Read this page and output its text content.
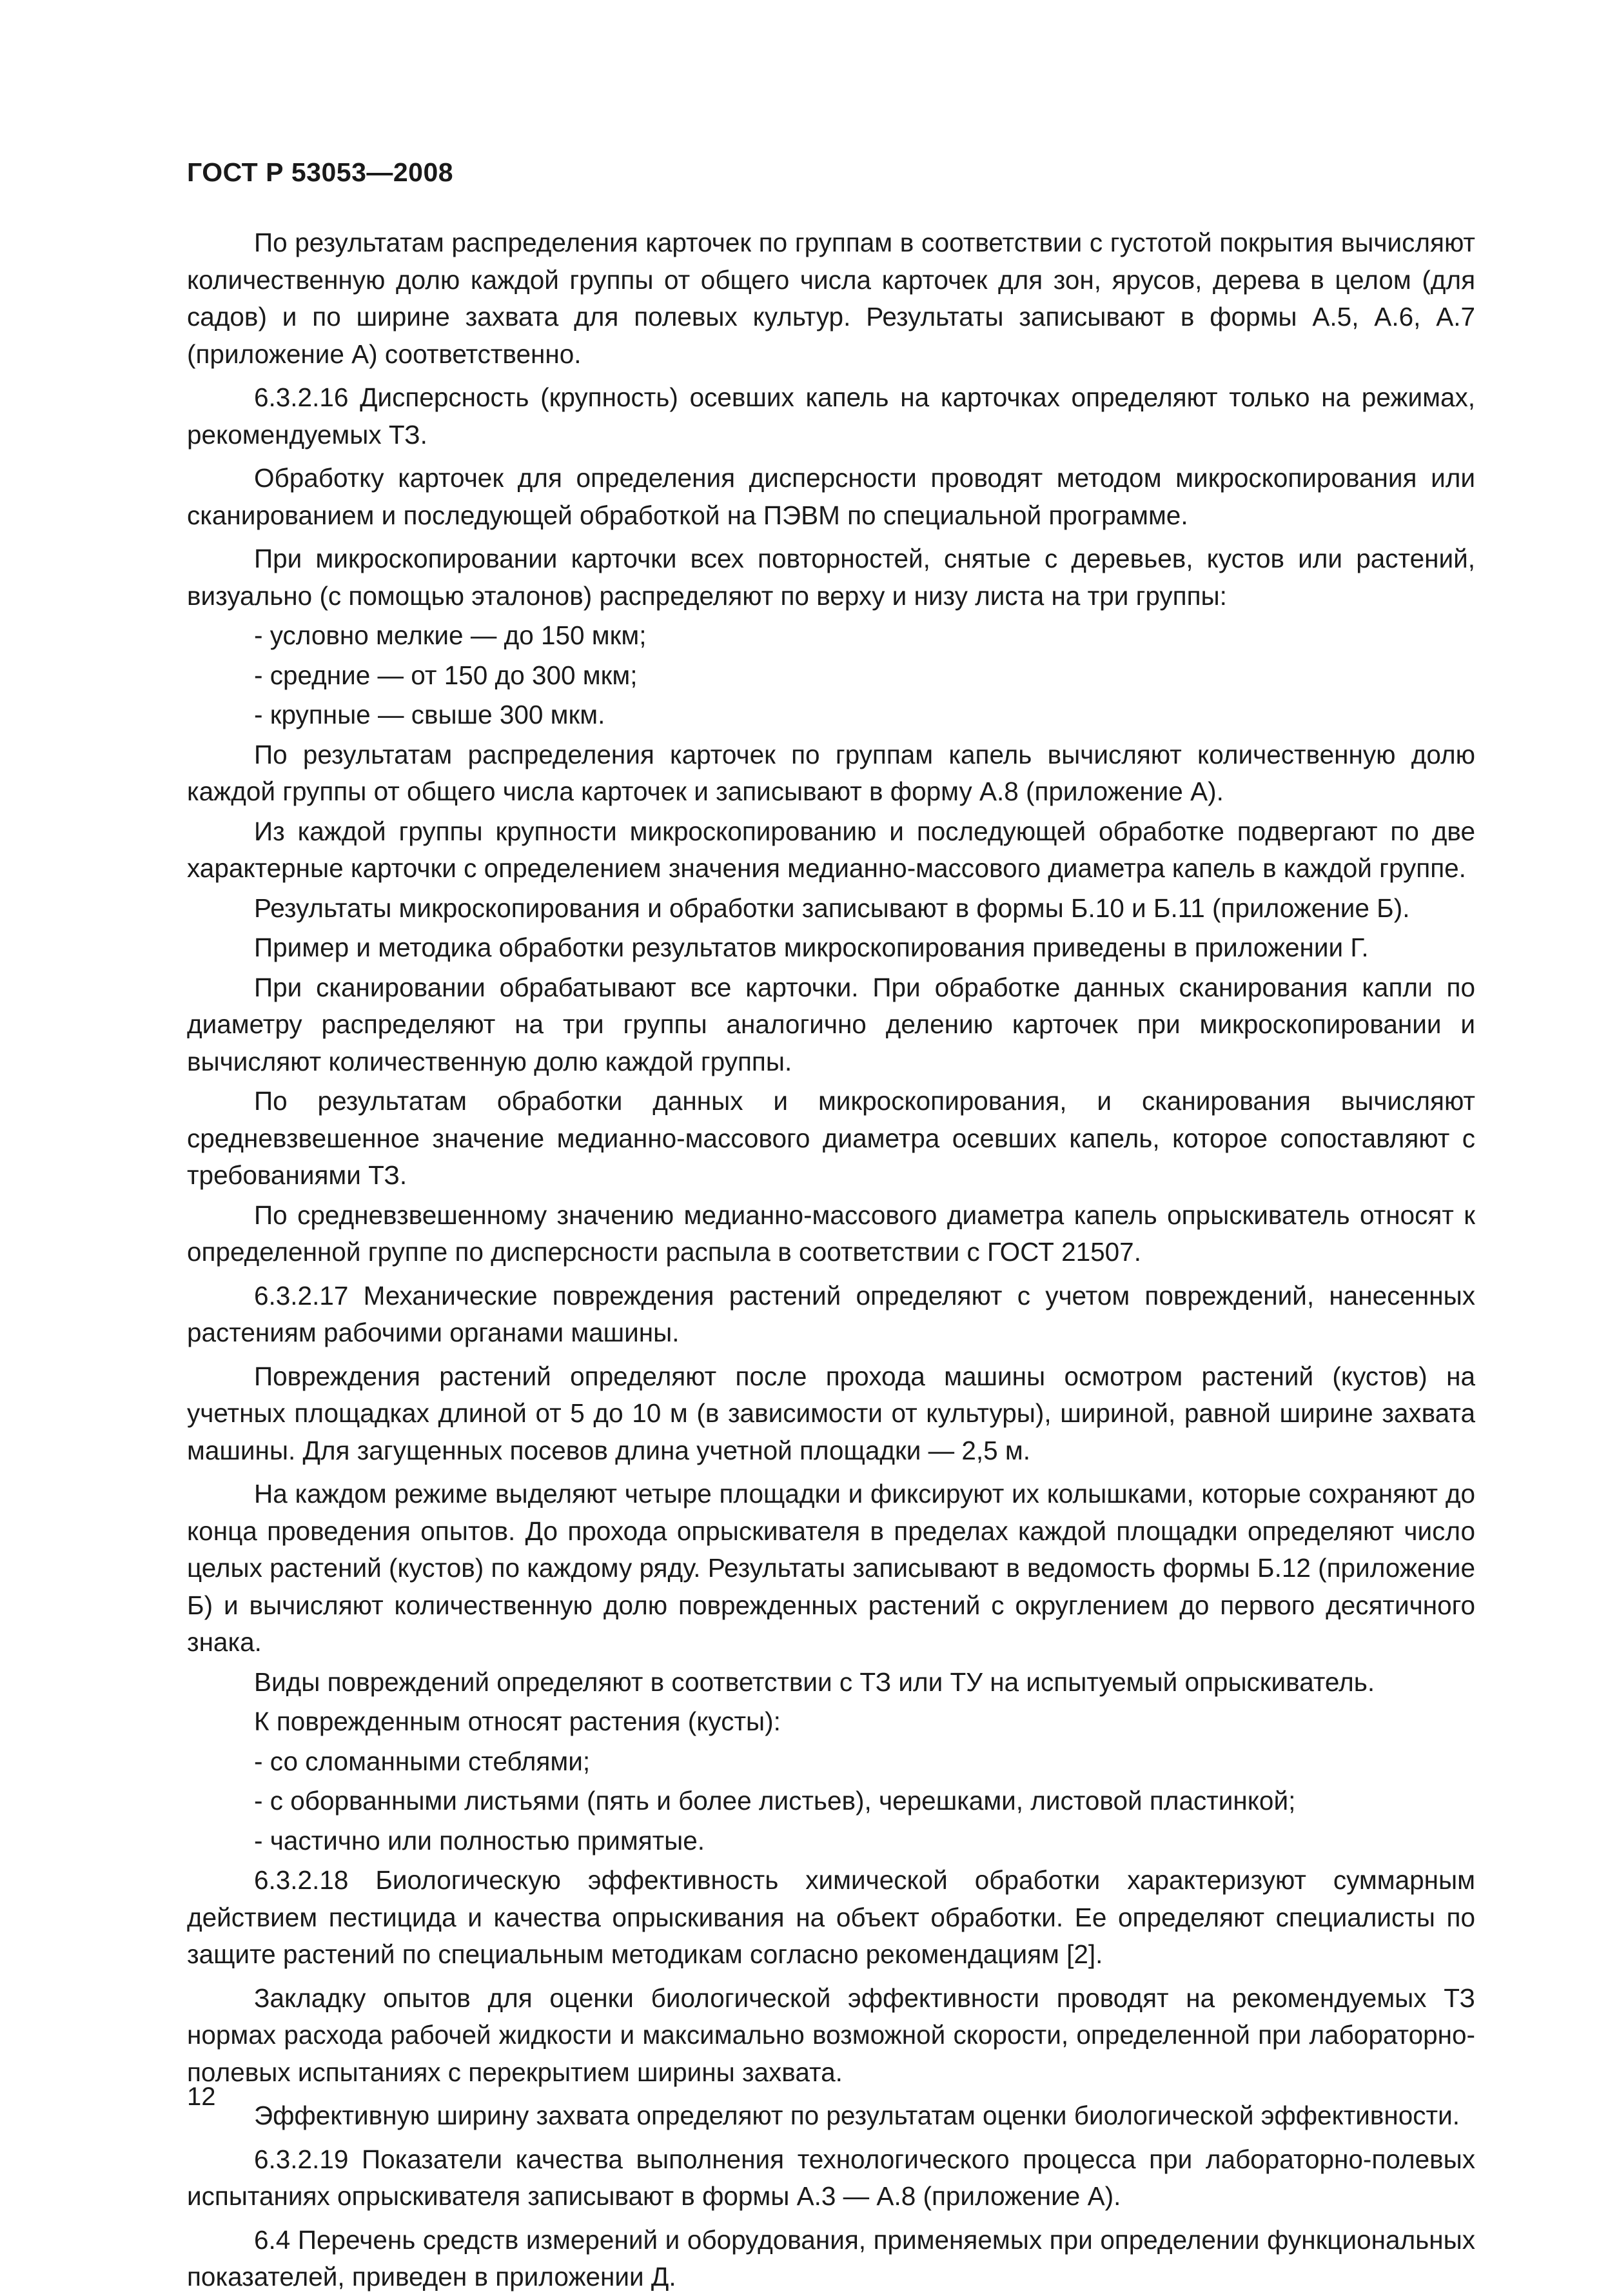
ГОСТ Р 53053—2008

По результатам распределения карточек по группам в соответствии с густотой покрытия вычисляют количественную долю каждой группы от общего числа карточек для зон, ярусов, дерева в целом (для садов) и по ширине захвата для полевых культур. Результаты записывают в формы А.5, А.6, А.7 (приложение А) соответственно.

6.3.2.16 Дисперсность (крупность) осевших капель на карточках определяют только на режимах, рекомендуемых ТЗ.

Обработку карточек для определения дисперсности проводят методом микроскопирования или сканированием и последующей обработкой на ПЭВМ по специальной программе.

При микроскопировании карточки всех повторностей, снятые с деревьев, кустов или растений, визуально (с помощью эталонов) распределяют по верху и низу листа на три группы:

- условно мелкие — до 150 мкм;

- средние — от 150 до 300 мкм;

- крупные — свыше 300 мкм.

По результатам распределения карточек по группам капель вычисляют количественную долю каждой группы от общего числа карточек и записывают в форму А.8 (приложение А).

Из каждой группы крупности микроскопированию и последующей обработке подвергают по две характерные карточки с определением значения медианно-массового диаметра капель в каждой группе.

Результаты микроскопирования и обработки записывают в формы Б.10 и Б.11 (приложение Б).

Пример и методика обработки результатов микроскопирования приведены в приложении Г.

При сканировании обрабатывают все карточки. При обработке данных сканирования капли по диаметру распределяют на три группы аналогично делению карточек при микроскопировании и вычисляют количественную долю каждой группы.

По результатам обработки данных и микроскопирования, и сканирования вычисляют средневзвешенное значение медианно-массового диаметра осевших капель, которое сопоставляют с требованиями ТЗ.

По средневзвешенному значению медианно-массового диаметра капель опрыскиватель относят к определенной группе по дисперсности распыла в соответствии с ГОСТ 21507.

6.3.2.17 Механические повреждения растений определяют с учетом повреждений, нанесенных растениям рабочими органами машины.

Повреждения растений определяют после прохода машины осмотром растений (кустов) на учетных площадках длиной от 5 до 10 м (в зависимости от культуры), шириной, равной ширине захвата машины. Для загущенных посевов длина учетной площадки — 2,5 м.

На каждом режиме выделяют четыре площадки и фиксируют их колышками, которые сохраняют до конца проведения опытов. До прохода опрыскивателя в пределах каждой площадки определяют число целых растений (кустов) по каждому ряду. Результаты записывают в ведомость формы Б.12 (приложение Б) и вычисляют количественную долю поврежденных растений с округлением до первого десятичного знака.

Виды повреждений определяют в соответствии с ТЗ или ТУ на испытуемый опрыскиватель.

К поврежденным относят растения (кусты):

- со сломанными стеблями;

- с оборванными листьями (пять и более листьев), черешками, листовой пластинкой;

- частично или полностью примятые.

6.3.2.18 Биологическую эффективность химической обработки характеризуют суммарным действием пестицида и качества опрыскивания на объект обработки. Ее определяют специалисты по защите растений по специальным методикам согласно рекомендациям [2].

Закладку опытов для оценки биологической эффективности проводят на рекомендуемых ТЗ нормах расхода рабочей жидкости и максимально возможной скорости, определенной при лабораторно-полевых испытаниях с перекрытием ширины захвата.

Эффективную ширину захвата определяют по результатам оценки биологической эффективности.

6.3.2.19 Показатели качества выполнения технологического процесса при лабораторно-полевых испытаниях опрыскивателя записывают в формы А.3 — А.8 (приложение А).

6.4 Перечень средств измерений и оборудования, применяемых при определении функциональных показателей, приведен в приложении Д.

12
